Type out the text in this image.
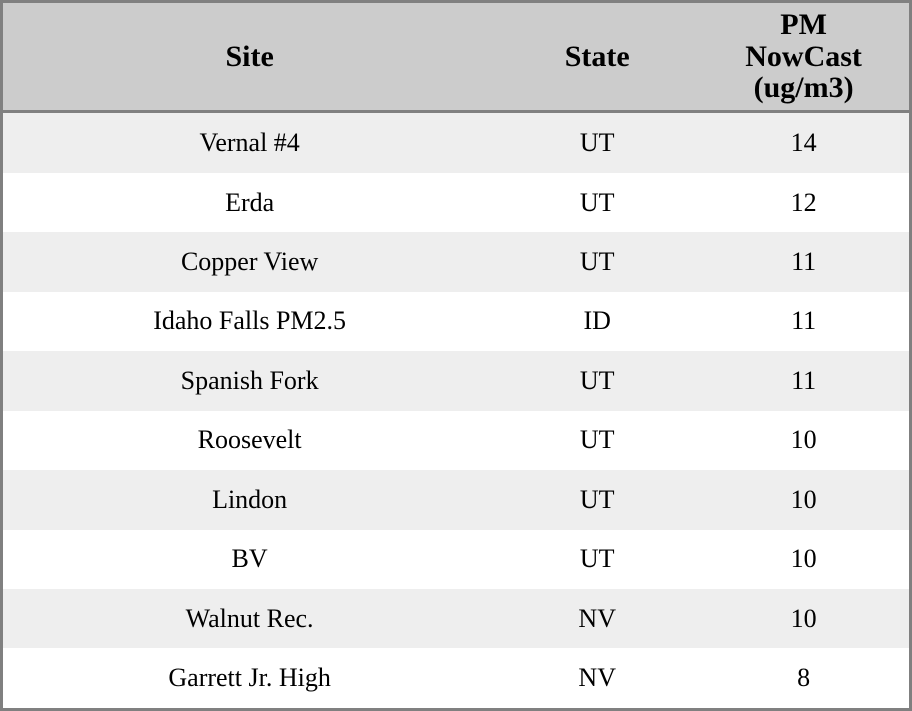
Site	State	PM
NowCast
(ug/m3)
Vernal #4	UT	14
Erda	UT	12
Copper View	UT	11
Idaho Falls PM2.5	ID	11
Spanish Fork	UT	11
Roosevelt	UT	10
Lindon	UT	10
BV	UT	10
Walnut Rec.	NV	10
Garrett Jr. High	NV	8
